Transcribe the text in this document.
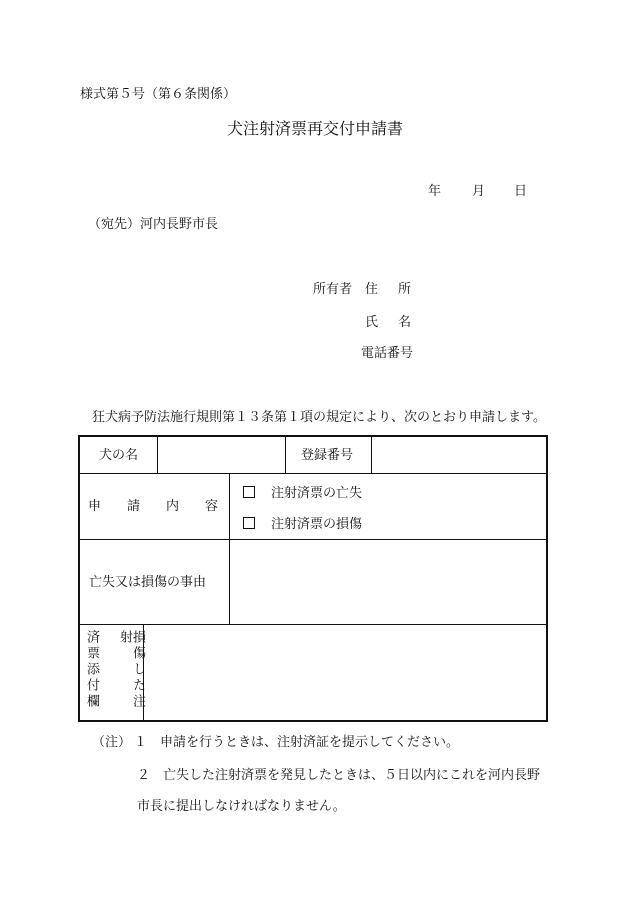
様式第５号（第６条関係）
犬注射済票再交付申請書
年 月 日
（宛先）河内長野市長
所有者 住所
氏名
電話番号
狂犬病予防法施行規則第１３条第１項の規定により、次のとおり申請します。
犬の名	登録番号
申　　請　　内　　容
注射済票の亡失
注射済票の損傷
亡失又は損傷の事由
損傷した注射
済票添付欄
（注） １　申請を行うときは、注射済証を提示してください。
２　亡失した注射済票を発見したときは、５日以内にこれを河内長野
市長に提出しなければなりません。
